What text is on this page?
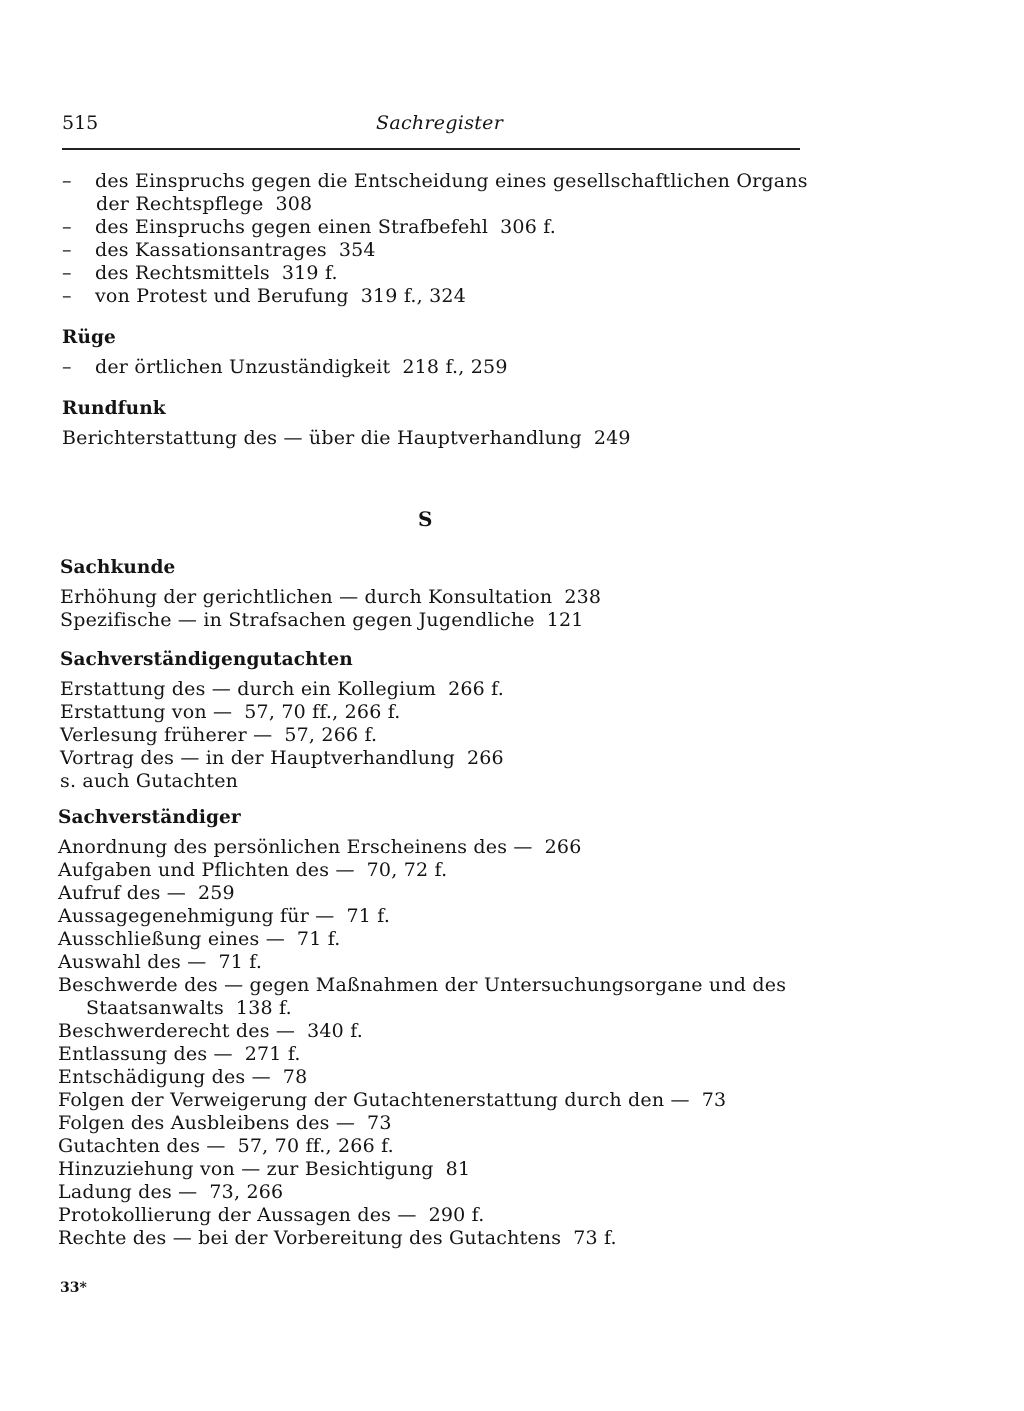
515	Sachregister
– des Einspruchs gegen die Entscheidung eines gesellschaftlichen Organs
der Rechtspflege 308
– des Einspruchs gegen einen Strafbefehl 306 f.
– des Kassationsantrages 354
– des Rechtsmittels 319 f.
– von Protest und Berufung 319 f., 324
Rüge
– der örtlichen Unzuständigkeit 218 f., 259
Rundfunk
Berichterstattung des — über die Hauptverhandlung 249
S
Sachkunde
Erhöhung der gerichtlichen — durch Konsultation 238
Spezifische — in Strafsachen gegen Jugendliche 121
Sachverständigengutachten
Erstattung des — durch ein Kollegium 266 f.
Erstattung von — 57, 70 ff., 266 f.
Verlesung früherer — 57, 266 f.
Vortrag des — in der Hauptverhandlung 266
s. auch Gutachten
Sachverständiger
Anordnung des persönlichen Erscheinens des — 266
Aufgaben und Pflichten des — 70, 72 f.
Aufruf des — 259
Aussagegenehmigung für — 71 f.
Ausschließung eines — 71 f.
Auswahl des — 71 f.
Beschwerde des — gegen Maßnahmen der Untersuchungsorgane und des
Staatsanwalts 138 f.
Beschwerderecht des — 340 f.
Entlassung des — 271 f.
Entschädigung des — 78
Folgen der Verweigerung der Gutachtenerstattung durch den — 73
Folgen des Ausbleibens des — 73
Gutachten des — 57, 70 ff., 266 f.
Hinzuziehung von — zur Besichtigung 81
Ladung des — 73, 266
Protokollierung der Aussagen des — 290 f.
Rechte des — bei der Vorbereitung des Gutachtens 73 f.
33*
